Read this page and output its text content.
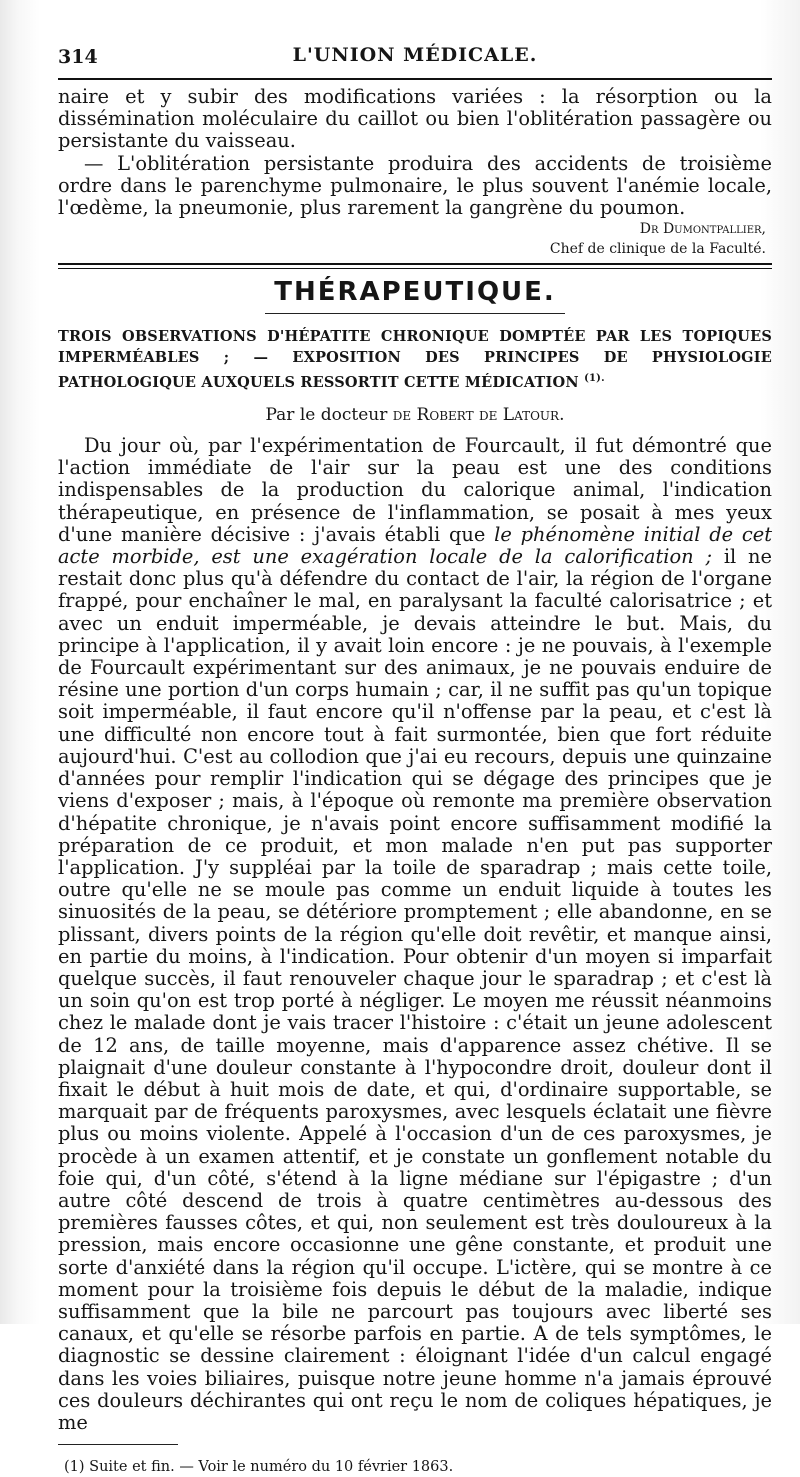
314	L'UNION MÉDICALE.

naire et y subir des modifications variées : la résorption ou la dissémination moléculaire du caillot ou bien l'oblitération passagère ou persistante du vaisseau.

— L'oblitération persistante produira des accidents de troisième ordre dans le parenchyme pulmonaire, le plus souvent l'anémie locale, l'œdème, la pneumonie, plus rarement la gangrène du poumon.

Dr Dumontpallier,
Chef de clinique de la Faculté.
THÉRAPEUTIQUE.

TROIS OBSERVATIONS D'HÉPATITE CHRONIQUE DOMPTÉE PAR LES TOPIQUES IMPERMÉABLES ; — EXPOSITION DES PRINCIPES DE PHYSIOLOGIE PATHOLOGIQUE AUXQUELS RESSORTIT CETTE MÉDICATION $^{(1).}$

Par le docteur de Robert de Latour.

Du jour où, par l'expérimentation de Fourcault, il fut démontré que l'action immédiate de l'air sur la peau est une des conditions indispensables de la production du calorique animal, l'indication thérapeutique, en présence de l'inflammation, se posait à mes yeux d'une manière décisive : j'avais établi que le phénomène initial de cet acte morbide, est une exagération locale de la calorification ; il ne restait donc plus qu'à défendre du contact de l'air, la région de l'organe frappé, pour enchaîner le mal, en paralysant la faculté calorisatrice ; et avec un enduit imperméable, je devais atteindre le but. Mais, du principe à l'application, il y avait loin encore : je ne pouvais, à l'exemple de Fourcault expérimentant sur des animaux, je ne pouvais enduire de résine une portion d'un corps humain ; car, il ne suffit pas qu'un topique soit imperméable, il faut encore qu'il n'offense par la peau, et c'est là une difficulté non encore tout à fait surmontée, bien que fort réduite aujourd'hui. C'est au collodion que j'ai eu recours, depuis une quinzaine d'années pour remplir l'indication qui se dégage des principes que je viens d'exposer ; mais, à l'époque où remonte ma première observation d'hépatite chronique, je n'avais point encore suffisamment modifié la préparation de ce produit, et mon malade n'en put pas supporter l'application. J'y suppléai par la toile de sparadrap ; mais cette toile, outre qu'elle ne se moule pas comme un enduit liquide à toutes les sinuosités de la peau, se détériore promptement ; elle abandonne, en se plissant, divers points de la région qu'elle doit revêtir, et manque ainsi, en partie du moins, à l'indication. Pour obtenir d'un moyen si imparfait quelque succès, il faut renouveler chaque jour le sparadrap ; et c'est là un soin qu'on est trop porté à négliger. Le moyen me réussit néanmoins chez le malade dont je vais tracer l'histoire : c'était un jeune adolescent de 12 ans, de taille moyenne, mais d'apparence assez chétive. Il se plaignait d'une douleur constante à l'hypocondre droit, douleur dont il fixait le début à huit mois de date, et qui, d'ordinaire supportable, se marquait par de fréquents paroxysmes, avec lesquels éclatait une fièvre plus ou moins violente. Appelé à l'occasion d'un de ces paroxysmes, je procède à un examen attentif, et je constate un gonflement notable du foie qui, d'un côté, s'étend à la ligne médiane sur l'épigastre ; d'un autre côté descend de trois à quatre centimètres au-dessous des premières fausses côtes, et qui, non seulement est très douloureux à la pression, mais encore occasionne une gêne constante, et produit une sorte d'anxiété dans la région qu'il occupe. L'ictère, qui se montre à ce moment pour la troisième fois depuis le début de la maladie, indique suffisamment que la bile ne parcourt pas toujours avec liberté ses canaux, et qu'elle se résorbe parfois en partie. A de tels symptômes, le diagnostic se dessine clairement : éloignant l'idée d'un calcul engagé dans les voies biliaires, puisque notre jeune homme n'a jamais éprouvé ces douleurs déchirantes qui ont reçu le nom de coliques hépatiques, je me

(1) Suite et fin. — Voir le numéro du 10 février 1863.
